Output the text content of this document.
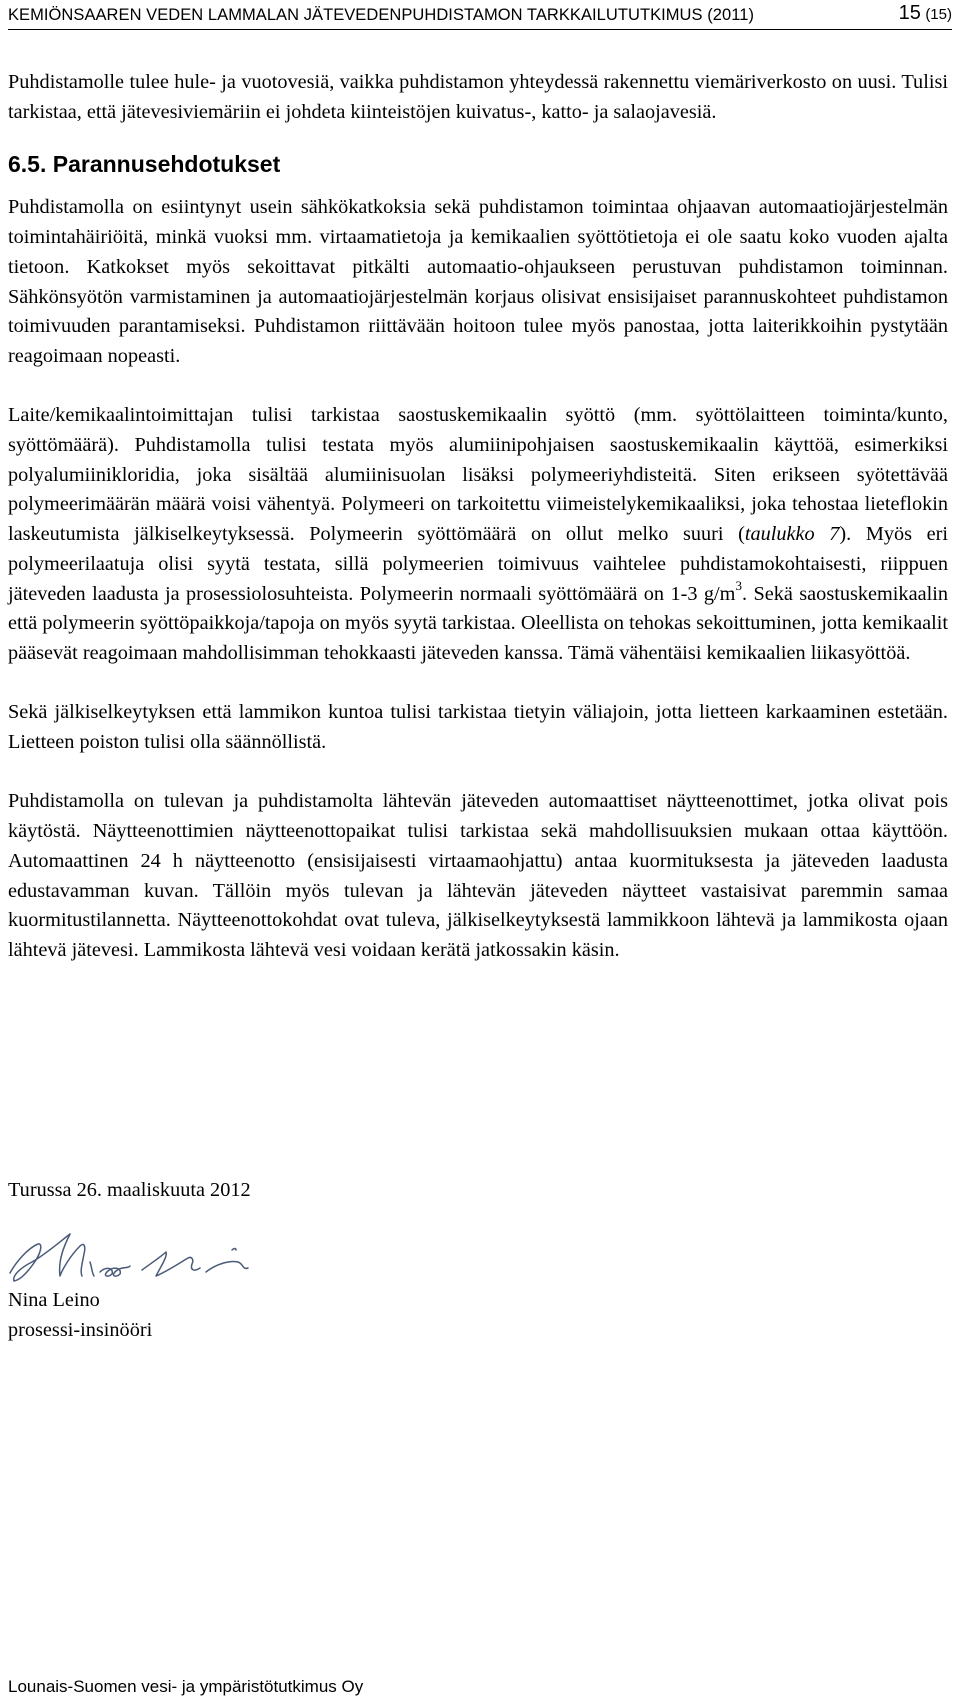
KEMIÖNSAAREN VEDEN LAMMALAN JÄTEVEDENPUHDISTAMON TARKKAILUTUTKIMUS (2011)	15 (15)

Puhdistamolle tulee hule- ja vuotovesiä, vaikka puhdistamon yhteydessä rakennettu viemäriverkosto on uusi. Tulisi tarkistaa, että jätevesiviemäriin ei johdeta kiinteistöjen kuivatus-, katto- ja salaojavesiä.

6.5. Parannusehdotukset

Puhdistamolla on esiintynyt usein sähkökatkoksia sekä puhdistamon toimintaa ohjaavan automaatiojärjestelmän toimintahäiriöitä, minkä vuoksi mm. virtaamatietoja ja kemikaalien syöttötietoja ei ole saatu koko vuoden ajalta tietoon. Katkokset myös sekoittavat pitkälti automaatio-ohjaukseen perustuvan puhdistamon toiminnan. Sähkönsyötön varmistaminen ja automaatiojärjestelmän korjaus olisivat ensisijaiset parannuskohteet puhdistamon toimivuuden parantamiseksi. Puhdistamon riittävään hoitoon tulee myös panostaa, jotta laiterikkoihin pystytään reagoimaan nopeasti.

Laite/kemikaalintoimittajan tulisi tarkistaa saostuskemikaalin syöttö (mm. syöttölaitteen toiminta/kunto, syöttömäärä). Puhdistamolla tulisi testata myös alumiinipohjaisen saostuskemikaalin käyttöä, esimerkiksi polyalumiinikloridia, joka sisältää alumiinisuolan lisäksi polymeeriyhdisteitä. Siten erikseen syötettävää polymeerimäärän määrä voisi vähentyä. Polymeeri on tarkoitettu viimeistelykemikaaliksi, joka tehostaa lieteflokin laskeutumista jälkiselkeytyksessä. Polymeerin syöttömäärä on ollut melko suuri (taulukko 7). Myös eri polymeerilaatuja olisi syytä testata, sillä polymeerien toimivuus vaihtelee puhdistamokohtaisesti, riippuen jäteveden laadusta ja prosessiolosuhteista. Polymeerin normaali syöttömäärä on 1-3 $g/m^3$. Sekä saostuskemikaalin että polymeerin syöttöpaikkoja/tapoja on myös syytä tarkistaa. Oleellista on tehokas sekoittuminen, jotta kemikaalit pääsevät reagoimaan mahdollisimman tehokkaasti jäteveden kanssa. Tämä vähentäisi kemikaalien liikasyöttöä.

Sekä jälkiselkeytyksen että lammikon kuntoa tulisi tarkistaa tietyin väliajoin, jotta lietteen karkaaminen estetään. Lietteen poiston tulisi olla säännöllistä.

Puhdistamolla on tulevan ja puhdistamolta lähtevän jäteveden automaattiset näytteenottimet, jotka olivat pois käytöstä. Näytteenottimien näytteenottopaikat tulisi tarkistaa sekä mahdollisuuksien mukaan ottaa käyttöön. Automaattinen 24 h näytteenotto (ensisijaisesti virtaamaohjattu) antaa kuormituksesta ja jäteveden laadusta edustavamman kuvan. Tällöin myös tulevan ja lähtevän jäteveden näytteet vastaisivat paremmin samaa kuormitustilannetta. Näytteenottokohdat ovat tuleva, jälkiselkeytyksestä lammikkoon lähtevä ja lammikosta ojaan lähtevä jätevesi. Lammikosta lähtevä vesi voidaan kerätä jatkossakin käsin.

Turussa 26. maaliskuuta 2012
Nina Leino
prosessi-insinööri
Lounais-Suomen vesi- ja ympäristötutkimus Oy
